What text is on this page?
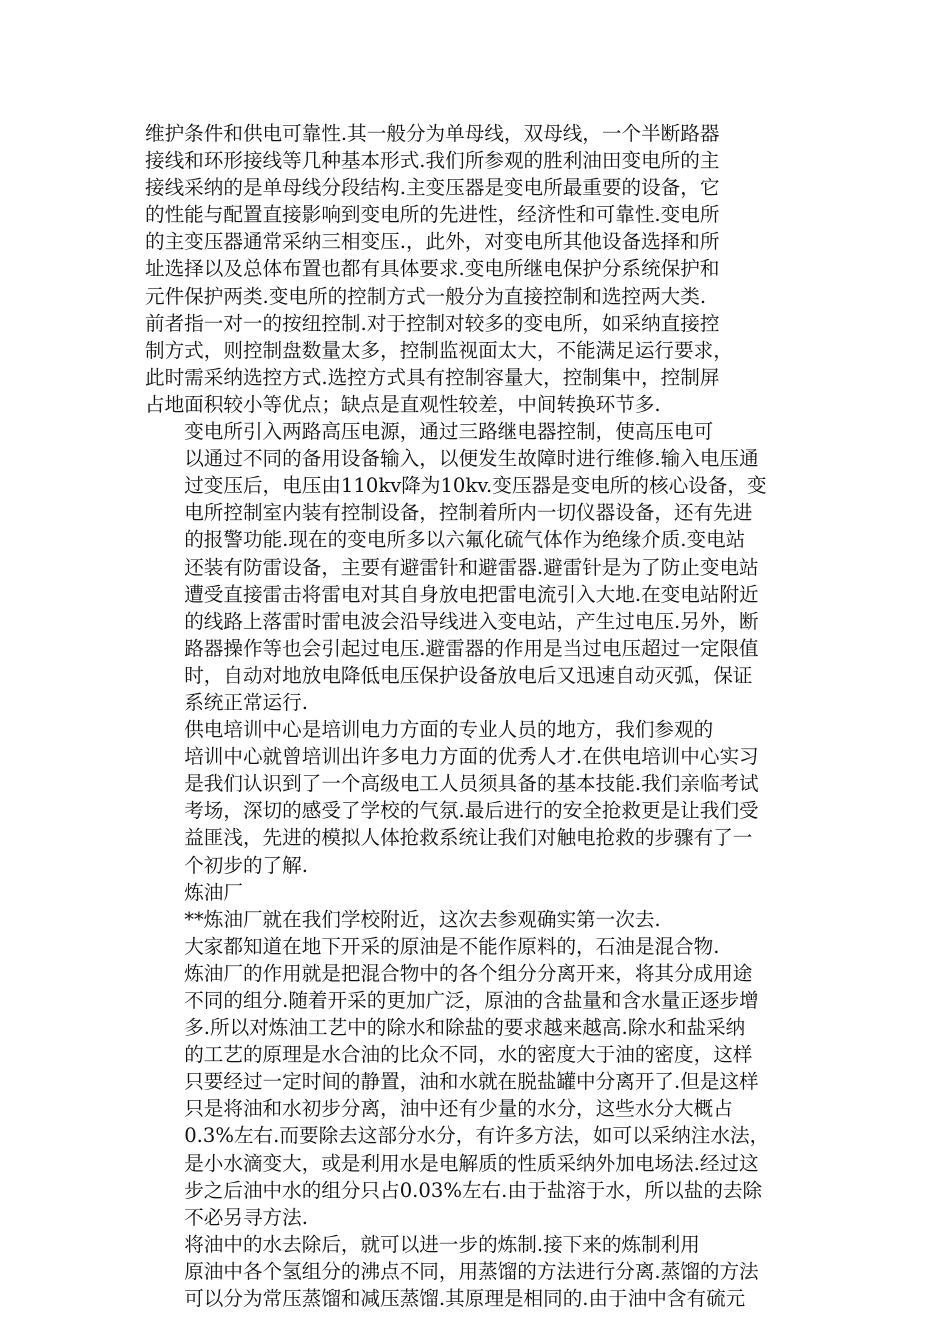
维护条件和供电可靠性.其一般分为单母线，双母线，一个半断路器
接线和环形接线等几种基本形式.我们所参观的胜利油田变电所的主
接线采纳的是单母线分段结构.主变压器是变电所最重要的设备，它
的性能与配置直接影响到变电所的先进性，经济性和可靠性.变电所
的主变压器通常采纳三相变压.，此外，对变电所其他设备选择和所
址选择以及总体布置也都有具体要求.变电所继电保护分系统保护和
元件保护两类.变电所的控制方式一般分为直接控制和选控两大类.
前者指一对一的按纽控制.对于控制对较多的变电所，如采纳直接控
制方式，则控制盘数量太多，控制监视面太大，不能满足运行要求，
此时需采纳选控方式.选控方式具有控制容量大，控制集中，控制屏
占地面积较小等优点；缺点是直观性较差，中间转换环节多.

变电所引入两路高压电源，通过三路继电器控制，使高压电可
以通过不同的备用设备输入，以便发生故障时进行维修.输入电压通
过变压后，电压由110kv降为10kv.变压器是变电所的核心设备，变
电所控制室内装有控制设备，控制着所内一切仪器设备，还有先进
的报警功能.现在的变电所多以六氟化硫气体作为绝缘介质.变电站
还装有防雷设备，主要有避雷针和避雷器.避雷针是为了防止变电站
遭受直接雷击将雷电对其自身放电把雷电流引入大地.在变电站附近
的线路上落雷时雷电波会沿导线进入变电站，产生过电压.另外，断
路器操作等也会引起过电压.避雷器的作用是当过电压超过一定限值
时，自动对地放电降低电压保护设备放电后又迅速自动灭弧，保证
系统正常运行.

供电培训中心是培训电力方面的专业人员的地方，我们参观的
培训中心就曾培训出许多电力方面的优秀人才.在供电培训中心实习
是我们认识到了一个高级电工人员须具备的基本技能.我们亲临考试
考场，深切的感受了学校的气氛.最后进行的安全抢救更是让我们受
益匪浅，先进的模拟人体抢救系统让我们对触电抢救的步骤有了一
个初步的了解.

炼油厂

**炼油厂就在我们学校附近，这次去参观确实第一次去.

大家都知道在地下开采的原油是不能作原料的，石油是混合物.
炼油厂的作用就是把混合物中的各个组分分离开来，将其分成用途
不同的组分.随着开采的更加广泛，原油的含盐量和含水量正逐步增
多.所以对炼油工艺中的除水和除盐的要求越来越高.除水和盐采纳
的工艺的原理是水合油的比众不同，水的密度大于油的密度，这样
只要经过一定时间的静置，油和水就在脱盐罐中分离开了.但是这样
只是将油和水初步分离，油中还有少量的水分，这些水分大概占
0.3%左右.而要除去这部分水分，有许多方法，如可以采纳注水法，
是小水滴变大，或是利用水是电解质的性质采纳外加电场法.经过这
步之后油中水的组分只占0.03%左右.由于盐溶于水，所以盐的去除
不必另寻方法.

将油中的水去除后，就可以进一步的炼制.接下来的炼制利用
原油中各个氢组分的沸点不同，用蒸馏的方法进行分离.蒸馏的方法
可以分为常压蒸馏和减压蒸馏.其原理是相同的.由于油中含有硫元
